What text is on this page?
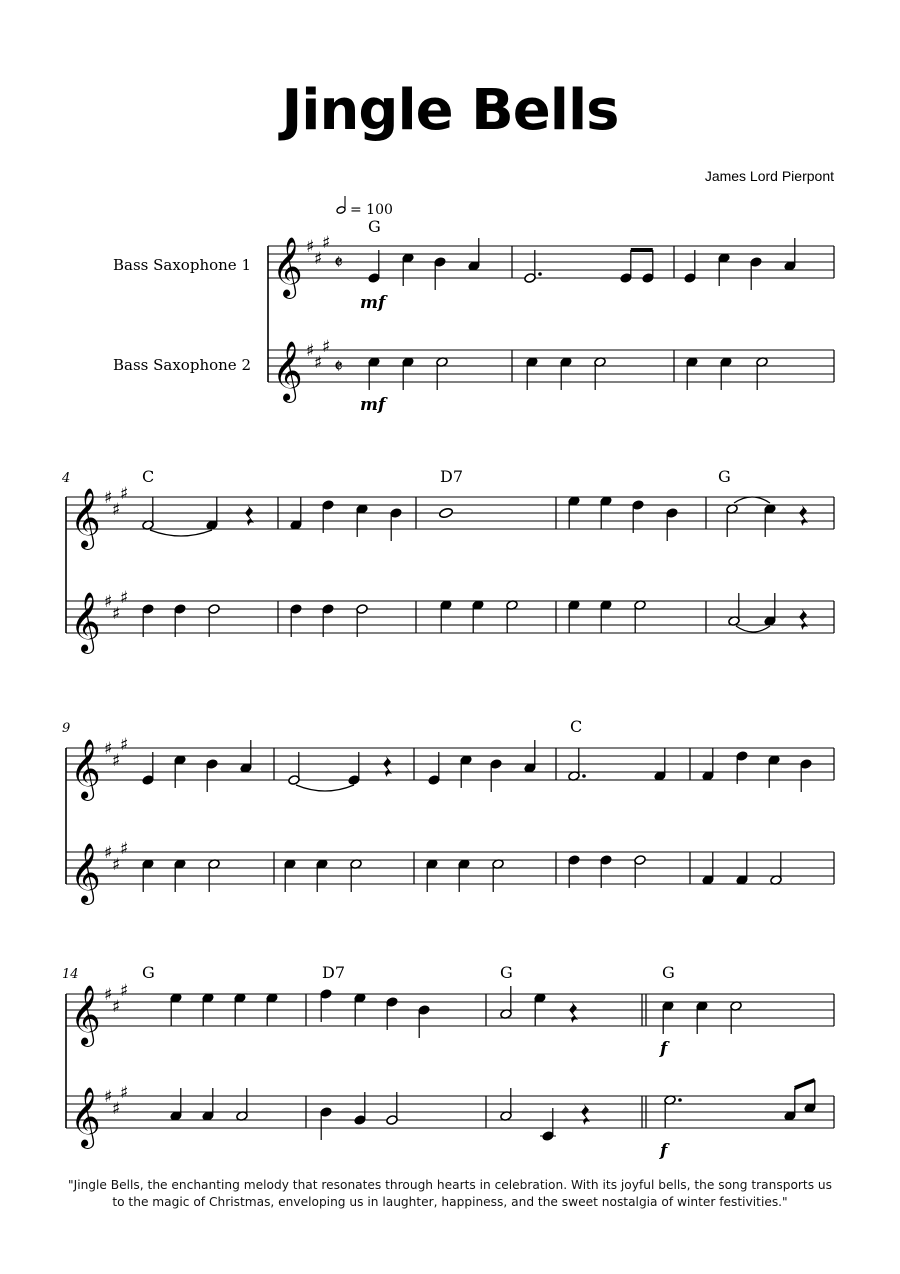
Jingle Bells
James Lord Pierpont
Bass Saxophone 1
Bass Saxophone 2
𝄞 ♯
♯
♯
𝄵
𝄞 ♯
♯
♯
𝄵
= 100
G
mf
mf
4
𝄞 ♯
♯
♯
𝄞 ♯
♯
♯
C	D7	G
9
𝄞 ♯
♯
♯
𝄞 ♯
♯
♯
C
14
𝄞 ♯
♯
♯
𝄞 ♯
♯
♯
G	D7	G	G
f
f
"Jingle Bells, the enchanting melody that resonates through hearts in celebration. With its joyful bells, the song transports us to the magic of Christmas, enveloping us in laughter, happiness, and the sweet nostalgia of winter festivities."
